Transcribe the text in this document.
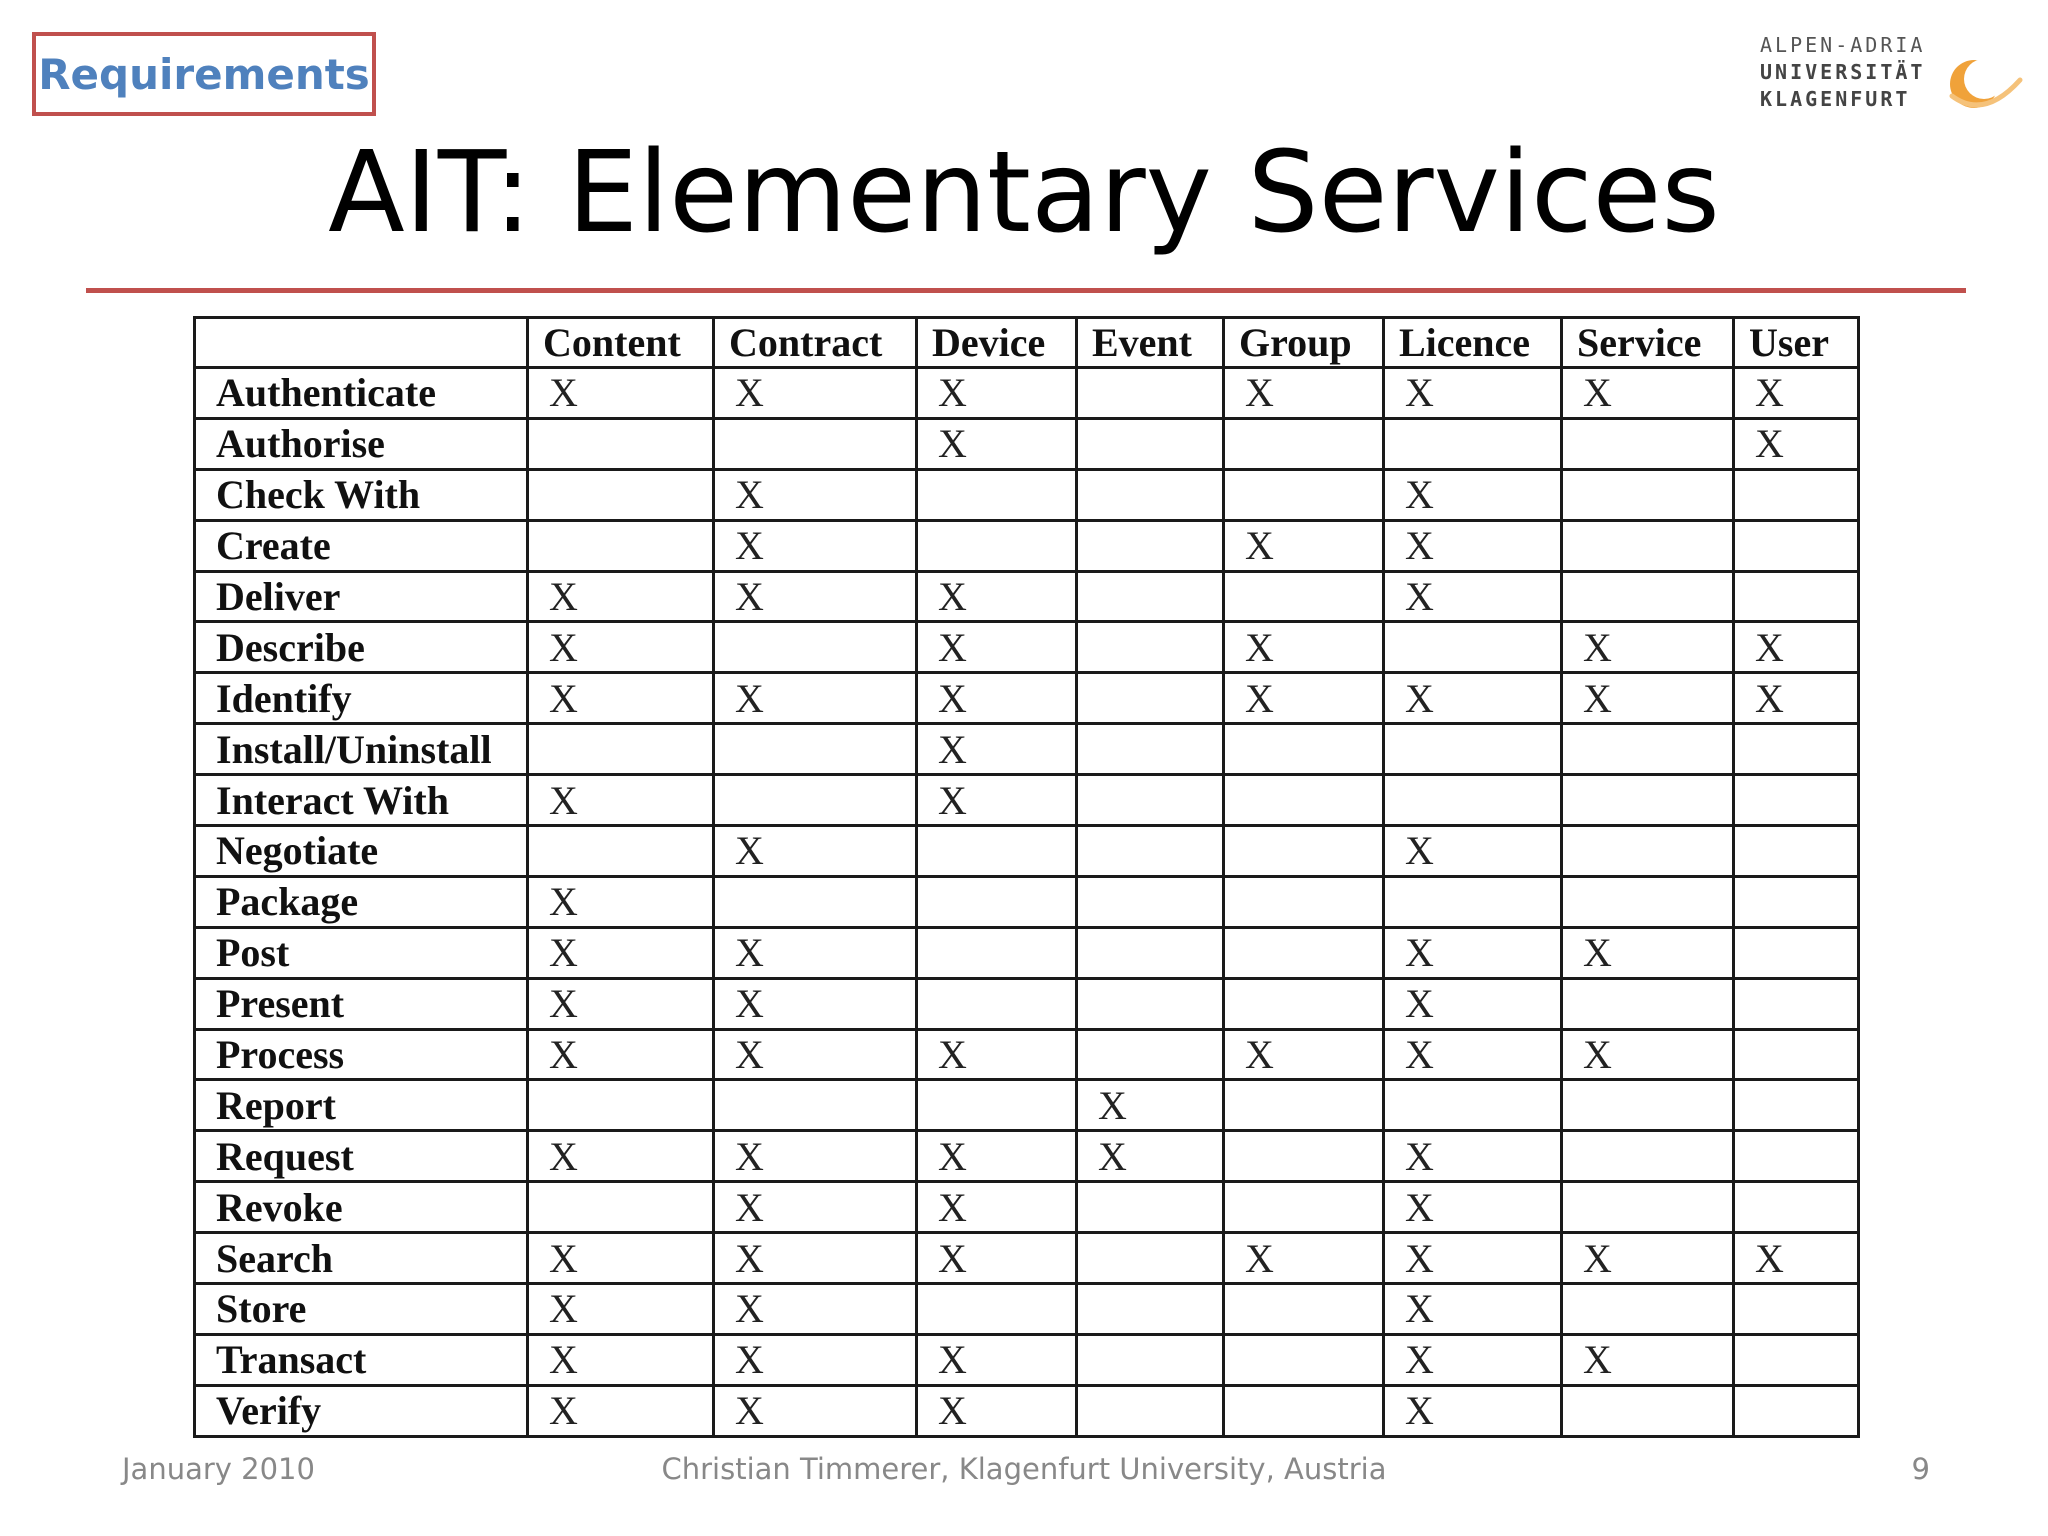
Requirements
ALPEN-ADRIA
UNIVERSITÄT
KLAGENFURT
AIT: Elementary Services
	Content	Contract	Device	Event	Group	Licence	Service	User
Authenticate	X	X	X		X	X	X	X
Authorise			X					X
Check With		X				X		
Create		X			X	X		
Deliver	X	X	X			X		
Describe	X		X		X		X	X
Identify	X	X	X		X	X	X	X
Install/Uninstall			X					
Interact With	X		X					
Negotiate		X				X		
Package	X							
Post	X	X				X	X	
Present	X	X				X		
Process	X	X	X		X	X	X	
Report				X				
Request	X	X	X	X		X		
Revoke		X	X			X		
Search	X	X	X		X	X	X	X
Store	X	X				X		
Transact	X	X	X			X	X	
Verify	X	X	X			X		
January 2010	Christian Timmerer, Klagenfurt University, Austria	9
